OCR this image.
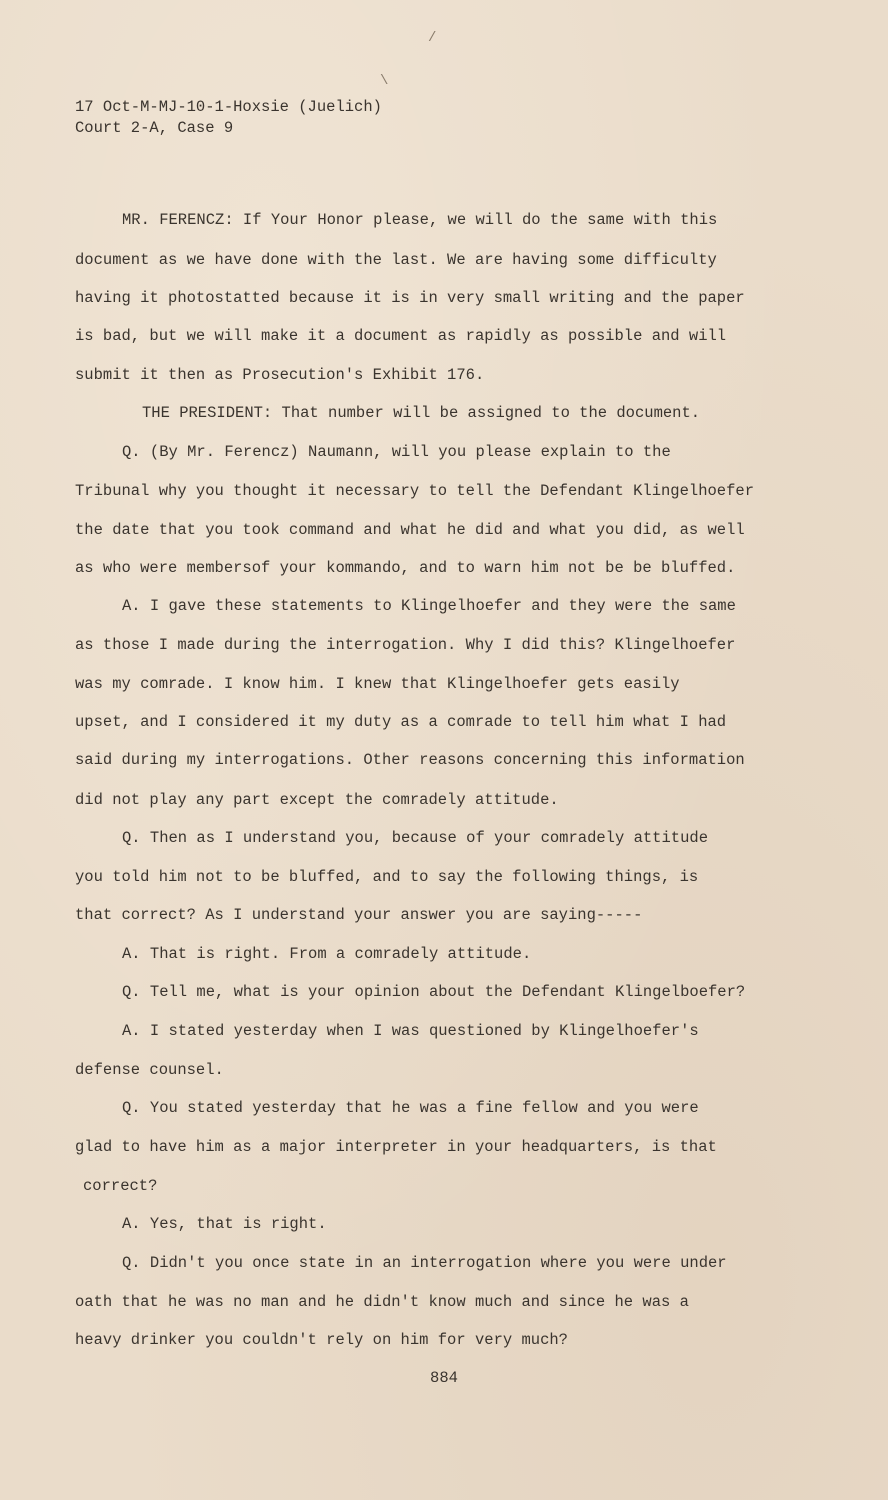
/
\
17 Oct-M-MJ-10-1-Hoxsie (Juelich)
Court 2-A, Case 9
MR. FERENCZ: If Your Honor please, we will do the same with this
document as we have done with the last. We are having some difficulty
having it photostatted because it is in very small writing and the paper
is bad, but we will make it a document as rapidly as possible and will
submit it then as Prosecution's Exhibit 176.
THE PRESIDENT: That number will be assigned to the document.
Q. (By Mr. Ferencz) Naumann, will you please explain to the
Tribunal why you thought it necessary to tell the Defendant Klingelhoefer
the date that you took command and what he did and what you did, as well
as who were membersof your kommando, and to warn him not be be bluffed.
A. I gave these statements to Klingelhoefer and they were the same
as those I made during the interrogation. Why I did this? Klingelhoefer
was my comrade. I know him. I knew that Klingelhoefer gets easily
upset, and I considered it my duty as a comrade to tell him what I had
said during my interrogations. Other reasons concerning this information
did not play any part except the comradely attitude.
Q. Then as I understand you, because of your comradely attitude
you told him not to be bluffed, and to say the following things, is
that correct? As I understand your answer you are saying-----
A. That is right. From a comradely attitude.
Q. Tell me, what is your opinion about the Defendant Klingelboefer?
A. I stated yesterday when I was questioned by Klingelhoefer's
defense counsel.
Q. You stated yesterday that he was a fine fellow and you were
glad to have him as a major interpreter in your headquarters, is that
correct?
A. Yes, that is right.
Q. Didn't you once state in an interrogation where you were under
oath that he was no man and he didn't know much and since he was a
heavy drinker you couldn't rely on him for very much?
884
